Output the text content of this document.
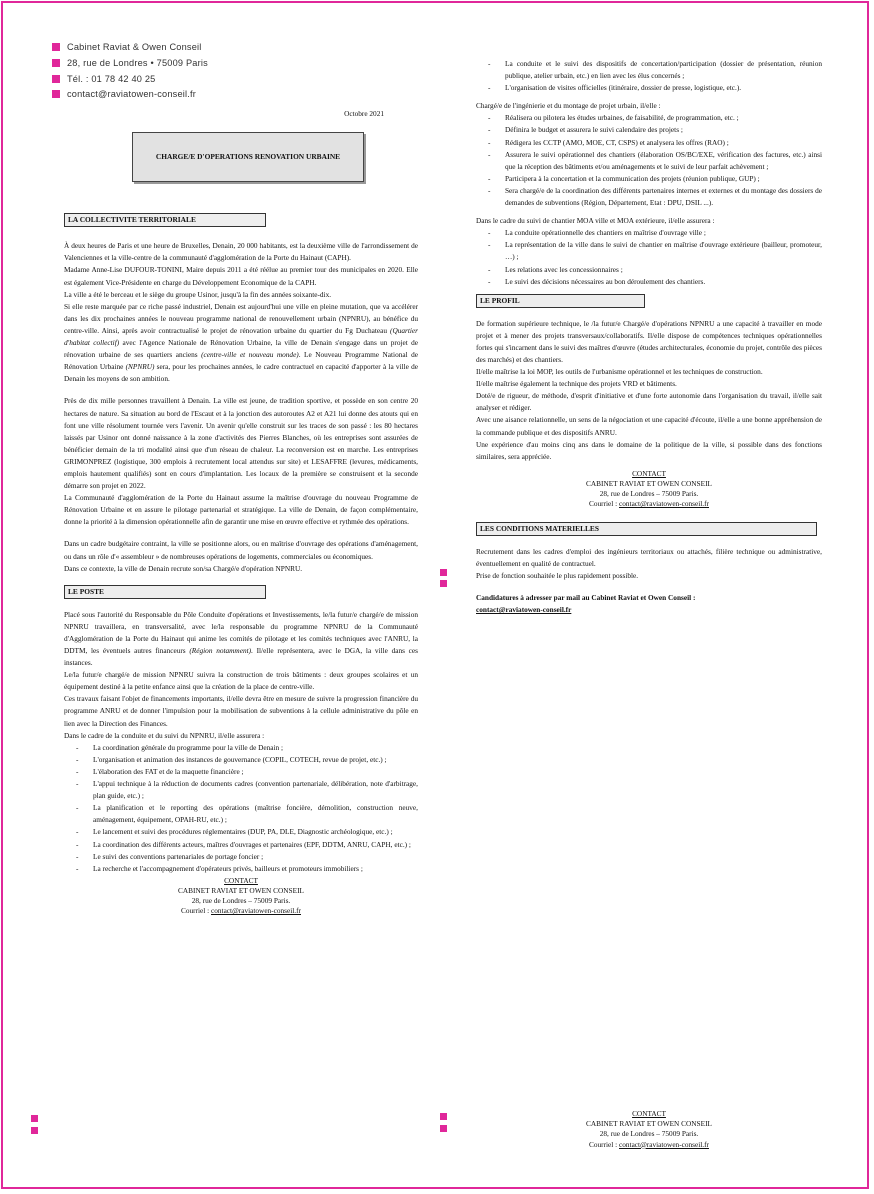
Cabinet Raviat & Owen Conseil
28, rue de Londres • 75009 Paris
Tél. : 01 78 42 40 25
contact@raviatowen-conseil.fr
Octobre 2021
CHARGE/E D'OPERATIONS RENOVATION URBAINE
LA COLLECTIVITE TERRITORIALE

À deux heures de Paris et une heure de Bruxelles, Denain, 20 000 habitants, est la deuxième ville de l'arrondissement de Valenciennes et la ville-centre de la communauté d'agglomération de la Porte du Hainaut (CAPH).

Madame Anne-Lise DUFOUR-TONINI, Maire depuis 2011 a été réélue au premier tour des municipales en 2020. Elle est également Vice-Présidente en charge du Développement Economique de la CAPH.

La ville a été le berceau et le siège du groupe Usinor, jusqu'à la fin des années soixante-dix.

Si elle reste marquée par ce riche passé industriel, Denain est aujourd'hui une ville en pleine mutation, que va accélérer dans les dix prochaines années le nouveau programme national de renouvellement urbain (NPNRU), au bénéfice du centre-ville. Ainsi, après avoir contractualisé le projet de rénovation urbaine du quartier du Fg Duchateau (Quartier d'habitat collectif) avec l'Agence Nationale de Rénovation Urbaine, la ville de Denain s'engage dans un projet de rénovation urbaine de ses quartiers anciens (centre-ville et nouveau monde). Le Nouveau Programme National de Rénovation Urbaine (NPNRU) sera, pour les prochaines années, le cadre contractuel en capacité d'apporter à la ville de Denain les moyens de son ambition.

Près de dix mille personnes travaillent à Denain. La ville est jeune, de tradition sportive, et possède en son centre 20 hectares de nature. Sa situation au bord de l'Escaut et à la jonction des autoroutes A2 et A21 lui donne des atouts qui en font une ville résolument tournée vers l'avenir. Un avenir qu'elle construit sur les traces de son passé : les 80 hectares laissés par Usinor ont donné naissance à la zone d'activités des Pierres Blanches, où les entreprises sont assurées de bénéficier demain de la tri modalité ainsi que d'un réseau de chaleur. La reconversion est en marche. Les entreprises GRIMONPREZ (logistique, 300 emplois à recrutement local attendus sur site) et LESAFFRE (levures, médicaments, emplois hautement qualifiés) sont en cours d'implantation. Les locaux de la première se construisent et la seconde démarre son projet en 2022.

La Communauté d'agglomération de la Porte du Hainaut assume la maîtrise d'ouvrage du nouveau Programme de Rénovation Urbaine et en assure le pilotage partenarial et stratégique. La ville de Denain, de façon complémentaire, donne la priorité à la dimension opérationnelle afin de garantir une mise en œuvre effective et rythmée des opérations.

Dans un cadre budgétaire contraint, la ville se positionne alors, ou en maîtrise d'ouvrage des opérations d'aménagement, ou dans un rôle d'« assembleur » de nombreuses opérations de logements, commerciales ou économiques.

Dans ce contexte, la ville de Denain recrute son/sa Chargé/e d'opération NPNRU.

LE POSTE

Placé sous l'autorité du Responsable du Pôle Conduite d'opérations et Investissements, le/la futur/e chargé/e de mission NPNRU travaillera, en transversalité, avec le/la responsable du programme NPNRU de la Communauté d'Agglomération de la Porte du Hainaut qui anime les comités de pilotage et les comités techniques avec l'ANRU, la DDTM, les éventuels autres financeurs (Région notamment). Il/elle représentera, avec le DGA, la ville dans ces instances.

Le/la futur/e chargé/e de mission NPNRU suivra la construction de trois bâtiments : deux groupes scolaires et un équipement destiné à la petite enfance ainsi que la création de la place de centre-ville.

Ces travaux faisant l'objet de financements importants, il/elle devra être en mesure de suivre la progression financière du programme ANRU et de donner l'impulsion pour la mobilisation de subventions à la cellule administrative du pôle en lien avec la Direction des Finances.

Dans le cadre de la conduite et du suivi du NPNRU, il/elle assurera :

- La coordination générale du programme pour la ville de Denain ;
- L'organisation et animation des instances de gouvernance (COPIL, COTECH, revue de projet, etc.) ;
- L'élaboration des FAT et de la maquette financière ;
- L'appui technique à la réduction de documents cadres (convention partenariale, délibération, note d'arbitrage, plan guide, etc.) ;
- La planification et le reporting des opérations (maîtrise foncière, démolition, construction neuve, aménagement, équipement, OPAH-RU, etc.) ;
- Le lancement et suivi des procédures réglementaires (DUP, PA, DLE, Diagnostic archéologique, etc.) ;
- La coordination des différents acteurs, maîtres d'ouvrages et partenaires (EPF, DDTM, ANRU, CAPH, etc.) ;
- Le suivi des conventions partenariales de portage foncier ;
- La recherche et l'accompagnement d'opérateurs privés, bailleurs et promoteurs immobiliers ;
CONTACT
CABINET RAVIAT ET OWEN CONSEIL
28, rue de Londres – 75009 Paris.
Courriel : contact@raviatowen-conseil.fr
- La conduite et le suivi des dispositifs de concertation/participation (dossier de présentation, réunion publique, atelier urbain, etc.) en lien avec les élus concernés ;
- L'organisation de visites officielles (itinéraire, dossier de presse, logistique, etc.).

Chargé/e de l'ingénierie et du montage de projet urbain, il/elle :

- Réalisera ou pilotera les études urbaines, de faisabilité, de programmation, etc. ;
- Définira le budget et assurera le suivi calendaire des projets ;
- Rédigera les CCTP (AMO, MOE, CT, CSPS) et analysera les offres (RAO) ;
- Assurera le suivi opérationnel des chantiers (élaboration OS/BC/EXE, vérification des factures, etc.) ainsi que la réception des bâtiments et/ou aménagements et le suivi de leur parfait achèvement ;
- Participera à la concertation et la communication des projets (réunion publique, GUP) ;
- Sera chargé/e de la coordination des différents partenaires internes et externes et du montage des dossiers de demandes de subventions (Région, Département, Etat : DPU, DSIL ...).

Dans le cadre du suivi de chantier MOA ville et MOA extérieure, il/elle assurera :

- La conduite opérationnelle des chantiers en maîtrise d'ouvrage ville ;
- La représentation de la ville dans le suivi de chantier en maîtrise d'ouvrage extérieure (bailleur, promoteur, …) ;
- Les relations avec les concessionnaires ;
- Le suivi des décisions nécessaires au bon déroulement des chantiers.
LE PROFIL

De formation supérieure technique, le /la futur/e Chargé/e d'opérations NPNRU a une capacité à travailler en mode projet et à mener des projets transversaux/collaboratifs. Il/elle dispose de compétences techniques opérationnelles fortes qui s'incarnent dans le suivi des maîtres d'œuvre (études architecturales, économie du projet, contrôle des pièces des marchés) et des chantiers.

Il/elle maîtrise la loi MOP, les outils de l'urbanisme opérationnel et les techniques de construction.

Il/elle maîtrise également la technique des projets VRD et bâtiments.

Doté/e de rigueur, de méthode, d'esprit d'initiative et d'une forte autonomie dans l'organisation du travail, il/elle sait analyser et rédiger.

Avec une aisance relationnelle, un sens de la négociation et une capacité d'écoute, il/elle a une bonne appréhension de la commande publique et des dispositifs ANRU.

Une expérience d'au moins cinq ans dans le domaine de la politique de la ville, si possible dans des fonctions similaires, sera appréciée.

CONTACT
CABINET RAVIAT ET OWEN CONSEIL
28, rue de Londres – 75009 Paris.
Courriel : contact@raviatowen-conseil.fr
LES CONDITIONS MATERIELLES

Recrutement dans les cadres d'emploi des ingénieurs territoriaux ou attachés, filière technique ou administrative, éventuellement en qualité de contractuel.

Prise de fonction souhaitée le plus rapidement possible.

Candidatures à adresser par mail au Cabinet Raviat et Owen Conseil :

contact@raviatowen-conseil.fr

CONTACT
CABINET RAVIAT ET OWEN CONSEIL
28, rue de Londres – 75009 Paris.
Courriel : contact@raviatowen-conseil.fr
